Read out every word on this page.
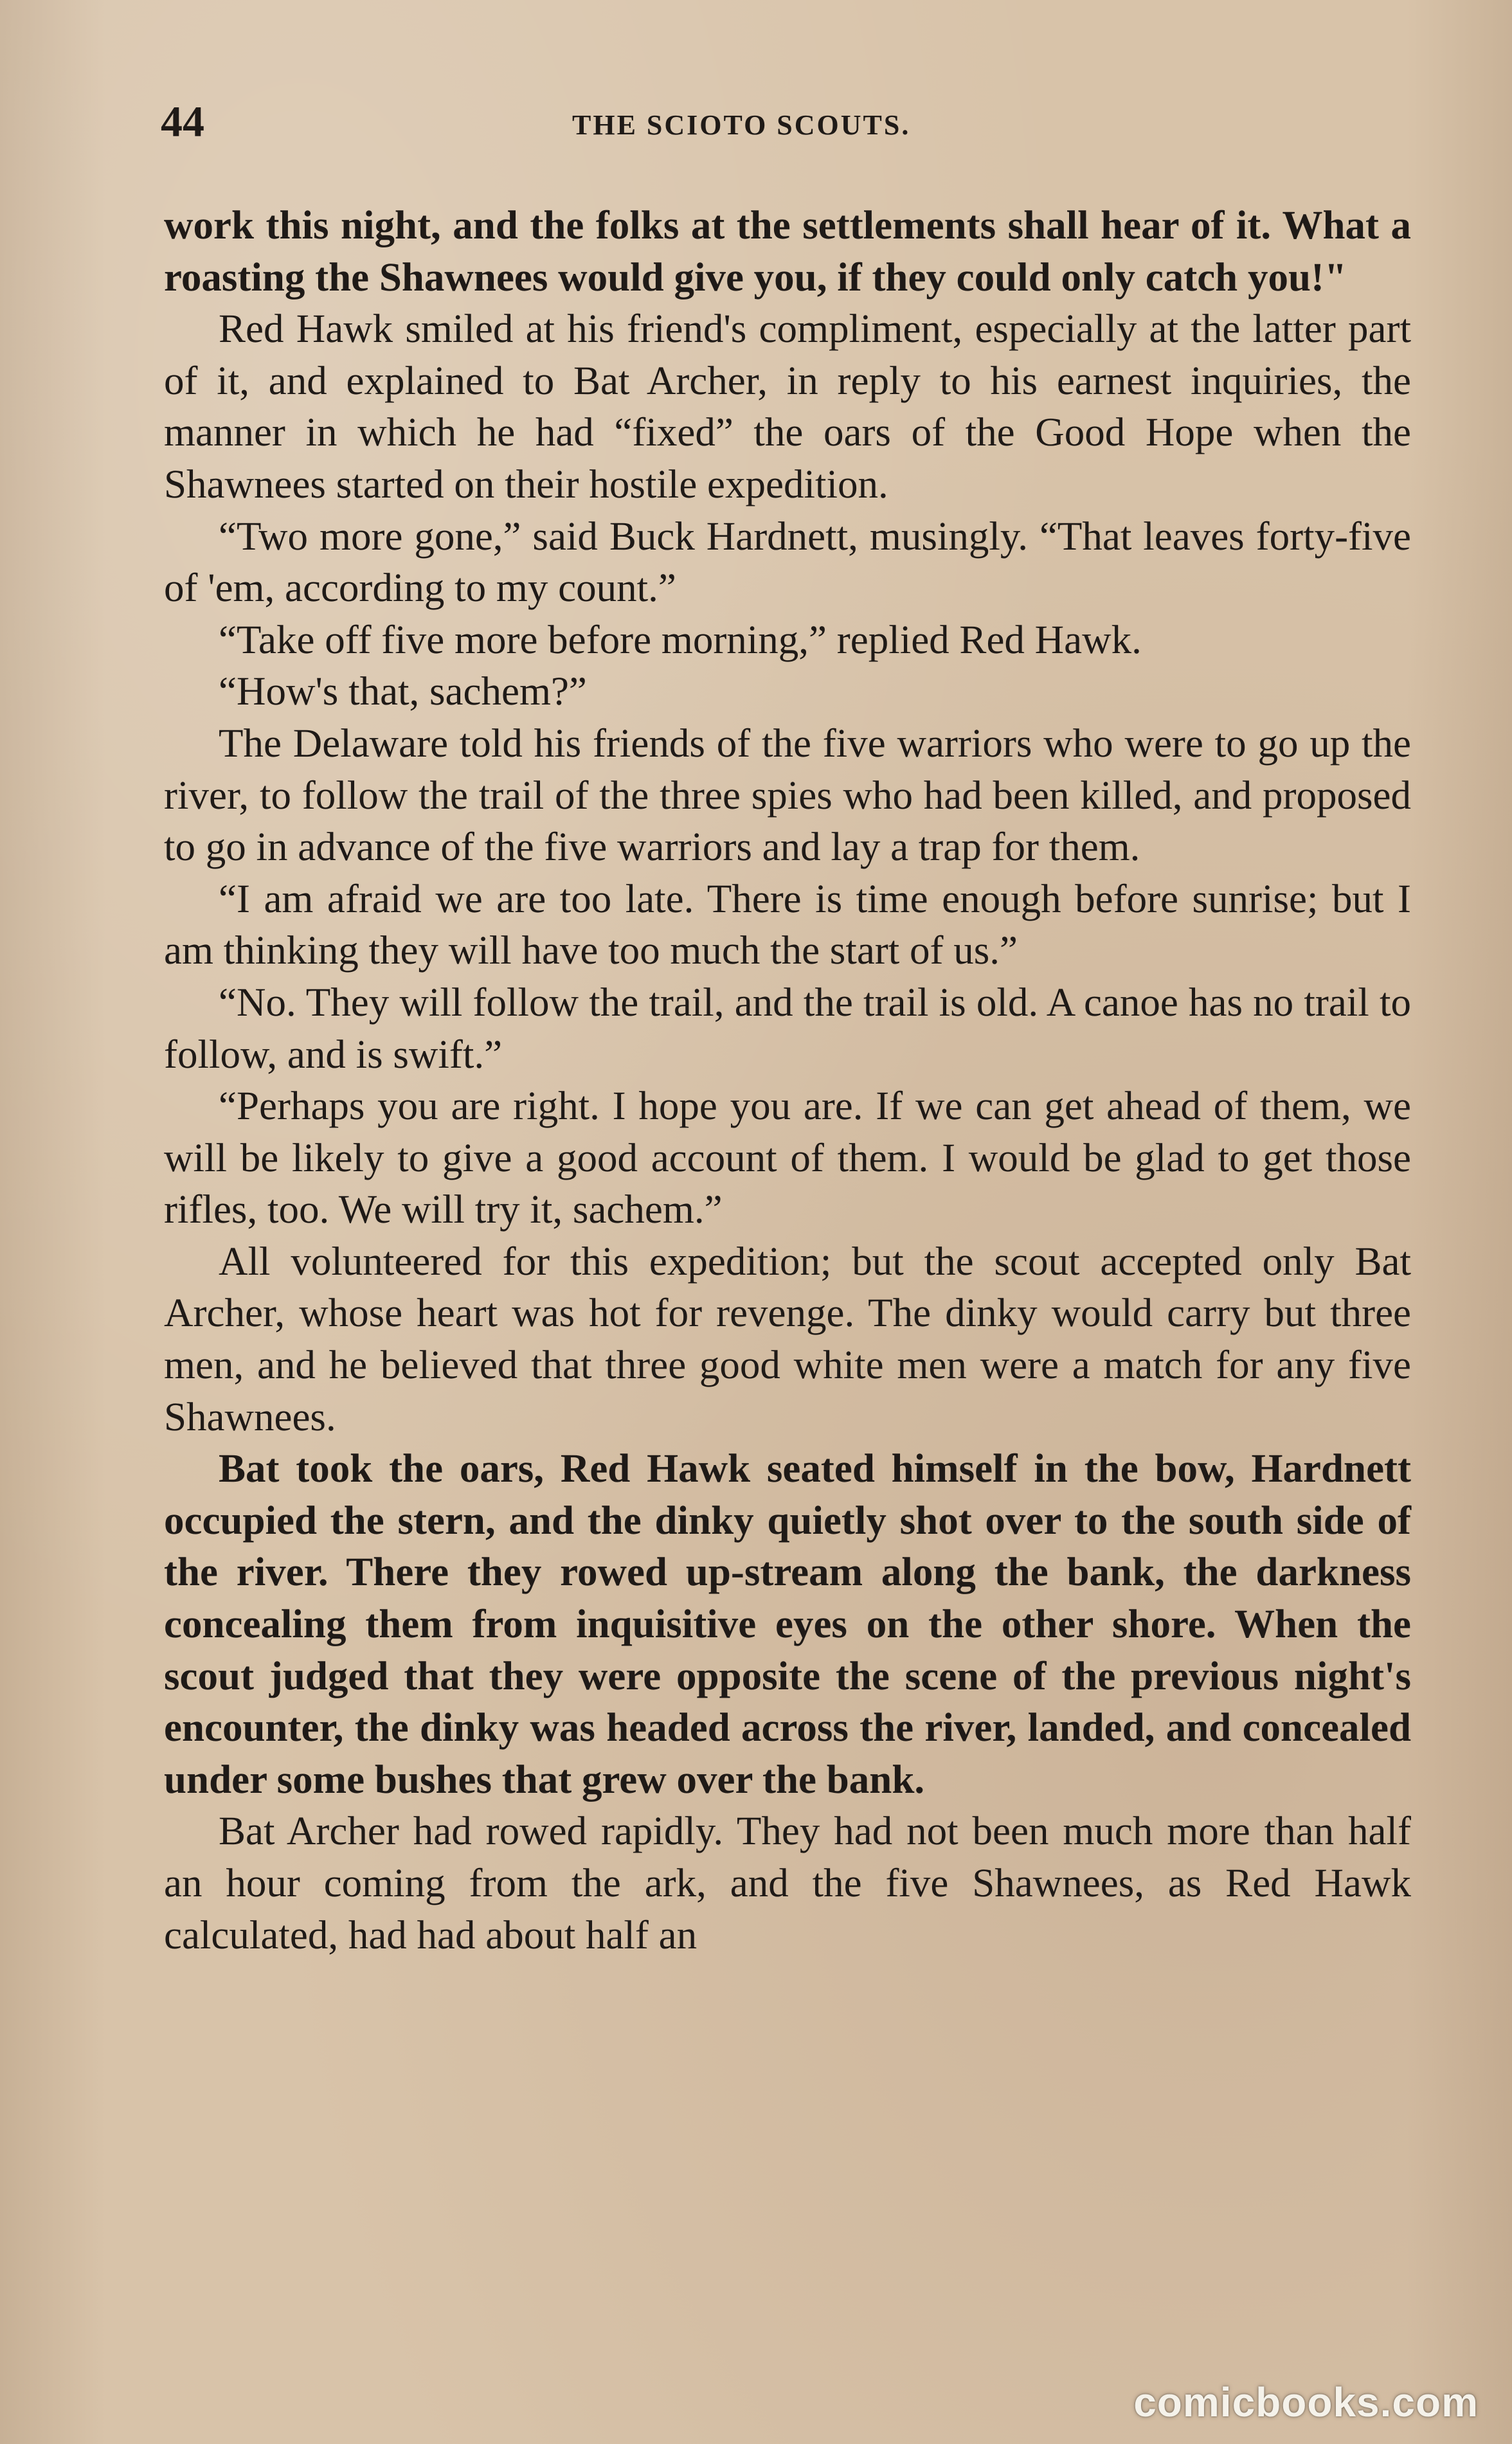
44	THE SCIOTO SCOUTS.

work this night, and the folks at the settlements shall hear of it. What a roasting the Shawnees would give you, if they could only catch you!"

Red Hawk smiled at his friend's compliment, especially at the latter part of it, and explained to Bat Archer, in reply to his earnest inquiries, the manner in which he had “fixed” the oars of the Good Hope when the Shawnees started on their hostile expedition.

“Two more gone,” said Buck Hardnett, musingly. “That leaves forty-five of 'em, according to my count.”

“Take off five more before morning,” replied Red Hawk.

“How's that, sachem?”

The Delaware told his friends of the five warriors who were to go up the river, to follow the trail of the three spies who had been killed, and proposed to go in advance of the five warriors and lay a trap for them.

“I am afraid we are too late. There is time enough before sunrise; but I am thinking they will have too much the start of us.”

“No. They will follow the trail, and the trail is old. A canoe has no trail to follow, and is swift.”

“Perhaps you are right. I hope you are. If we can get ahead of them, we will be likely to give a good account of them. I would be glad to get those rifles, too. We will try it, sachem.”

All volunteered for this expedition; but the scout accepted only Bat Archer, whose heart was hot for revenge. The dinky would carry but three men, and he believed that three good white men were a match for any five Shawnees.

Bat took the oars, Red Hawk seated himself in the bow, Hardnett occupied the stern, and the dinky quietly shot over to the south side of the river. There they rowed up-stream along the bank, the darkness concealing them from inquisitive eyes on the other shore. When the scout judged that they were opposite the scene of the previous night's encounter, the dinky was headed across the river, landed, and concealed under some bushes that grew over the bank.

Bat Archer had rowed rapidly. They had not been much more than half an hour coming from the ark, and the five Shawnees, as Red Hawk calculated, had had about half an

comicbooks.com
